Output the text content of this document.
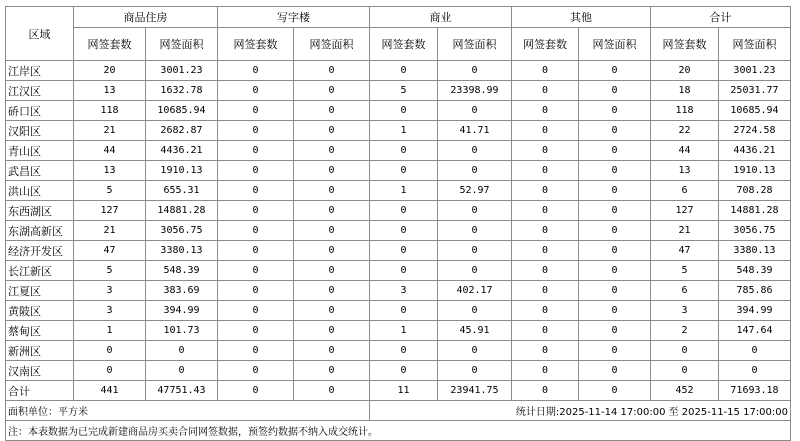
区域	商品住房		写字楼		商业		其他		合计	
	网签套数	网签面积	网签套数	网签面积	网签套数	网签面积	网签套数	网签面积	网签套数	网签面积
江岸区	20	3001.23	0	0	0	0	0	0	20	3001.23
江汉区	13	1632.78	0	0	5	23398.99	0	0	18	25031.77
硚口区	118	10685.94	0	0	0	0	0	0	118	10685.94
汉阳区	21	2682.87	0	0	1	41.71	0	0	22	2724.58
青山区	44	4436.21	0	0	0	0	0	0	44	4436.21
武昌区	13	1910.13	0	0	0	0	0	0	13	1910.13
洪山区	5	655.31	0	0	1	52.97	0	0	6	708.28
东西湖区	127	14881.28	0	0	0	0	0	0	127	14881.28
东湖高新区	21	3056.75	0	0	0	0	0	0	21	3056.75
经济开发区	47	3380.13	0	0	0	0	0	0	47	3380.13
长江新区	5	548.39	0	0	0	0	0	0	5	548.39
江夏区	3	383.69	0	0	3	402.17	0	0	6	785.86
黄陂区	3	394.99	0	0	0	0	0	0	3	394.99
蔡甸区	1	101.73	0	0	1	45.91	0	0	2	147.64
新洲区	0	0	0	0	0	0	0	0	0	0
汉南区	0	0	0	0	0	0	0	0	0	0
合计	441	47751.43	0	0	11	23941.75	0	0	452	71693.18
面积单位：平方米					统计日期:2025-11-14 17:00:00 至 2025-11-15 17:00:00					
注：本表数据为已完成新建商品房买卖合同网签数据，预签约数据不纳入成交统计。										
